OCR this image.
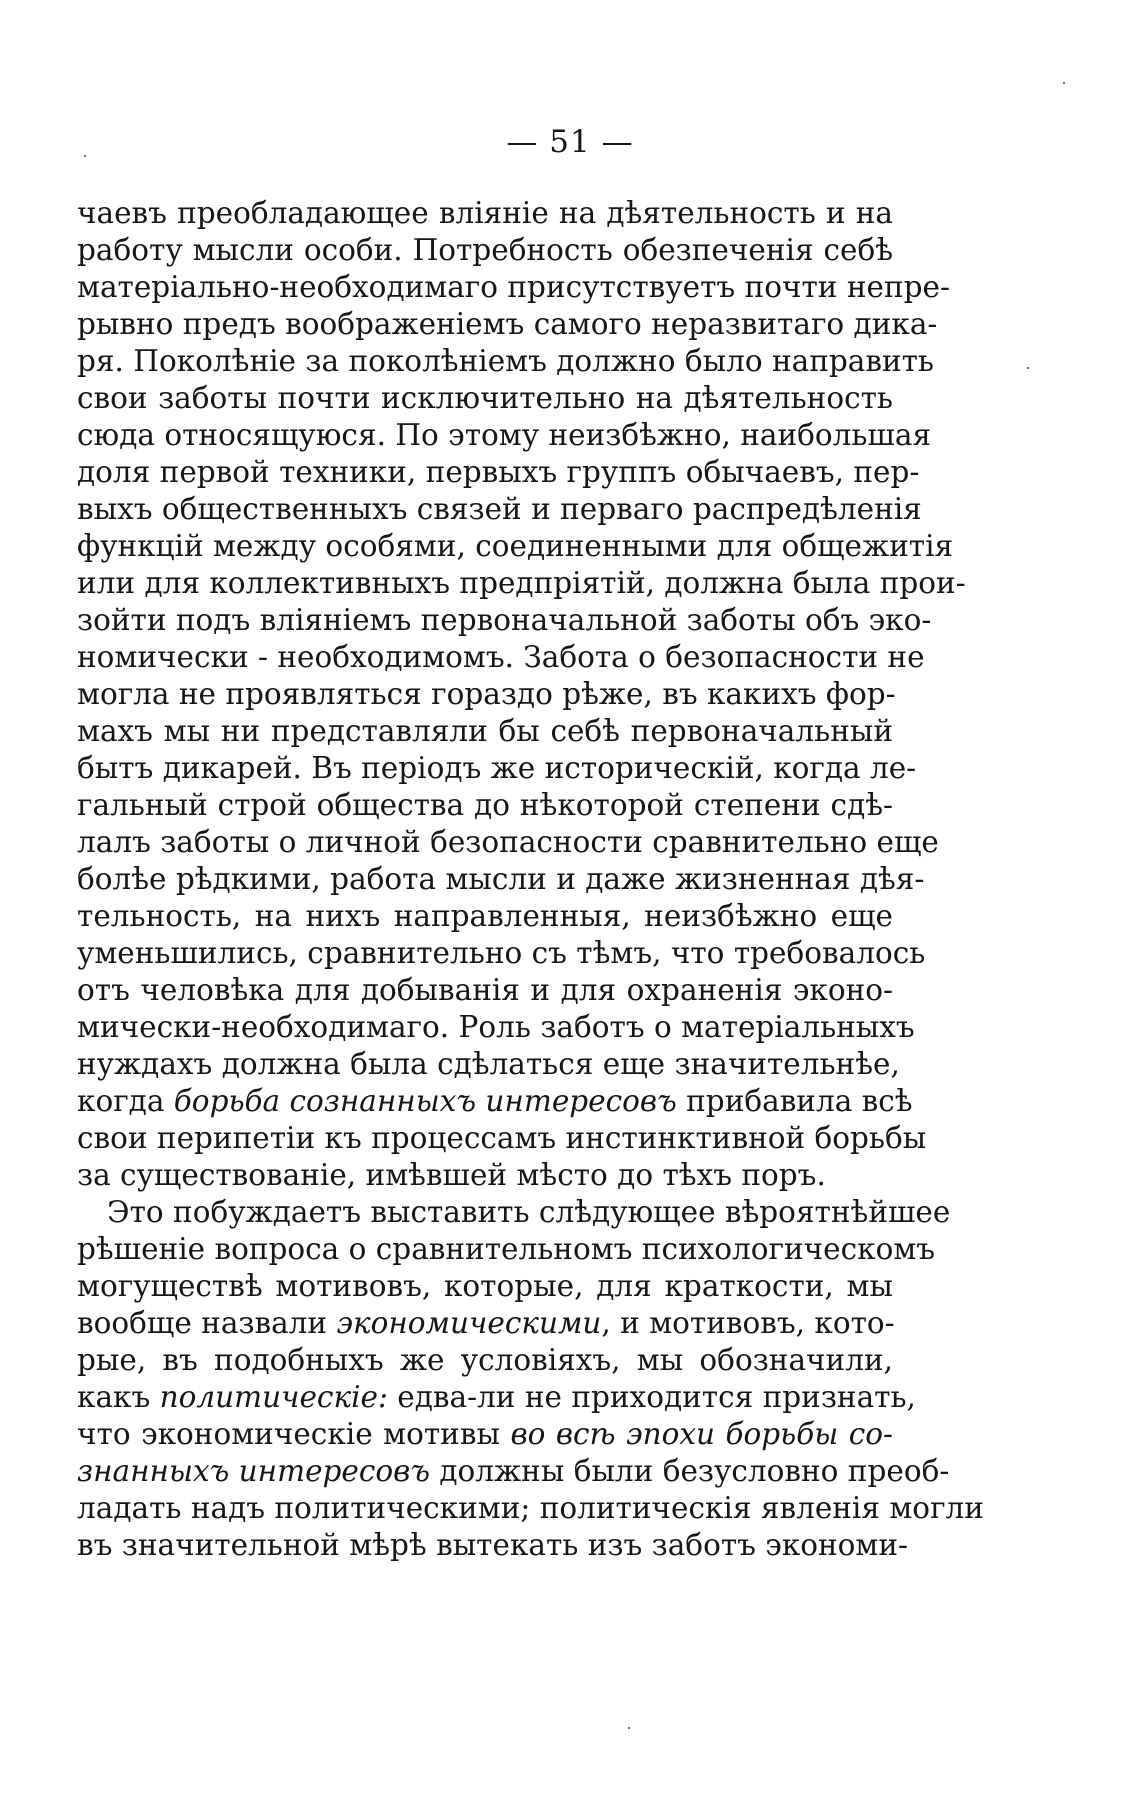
— 51 —
чаевъ преобладающее вліяніе на дѣятельность и на
работу мысли особи. Потребность обезпеченія себѣ
матеріально-необходимаго присутствуетъ почти непре-
рывно предъ воображеніемъ самого неразвитаго дика-
ря. Поколѣніе за поколѣніемъ должно было направить
свои заботы почти исключительно на дѣятельность
сюда относящуюся. По этому неизбѣжно, наибольшая
доля первой техники, первыхъ группъ обычаевъ, пер-
выхъ общественныхъ связей и перваго распредѣленія
функцій между особями, соединенными для общежитія
или для коллективныхъ предпріятій, должна была прои-
зойти подъ вліяніемъ первоначальной заботы объ эко-
номически - необходимомъ. Забота о безопасности не
могла не проявляться гораздо рѣже, въ какихъ фор-
махъ мы ни представляли бы себѣ первоначальный
бытъ дикарей. Въ періодъ же историческій, когда ле-
гальный строй общества до нѣкоторой степени сдѣ-
лалъ заботы о личной безопасности сравнительно еще
болѣе рѣдкими, работа мысли и даже жизненная дѣя-
тельность, на нихъ направленныя, неизбѣжно еще
уменьшились, сравнительно съ тѣмъ, что требовалось
отъ человѣка для добыванія и для охраненія эконо-
мически-необходимаго. Роль заботъ о матеріальныхъ
нуждахъ должна была сдѣлаться еще значительнѣе,
когда борьба сознанныхъ интересовъ прибавила всѣ
свои перипетіи къ процессамъ инстинктивной борьбы
за существованіе, имѣвшей мѣсто до тѣхъ поръ.
Это побуждаетъ выставить слѣдующее вѣроятнѣйшее
рѣшеніе вопроса о сравнительномъ психологическомъ
могуществѣ мотивовъ, которые, для краткости, мы
вообще назвали экономическими, и мотивовъ, кото-
рые, въ подобныхъ же условіяхъ, мы обозначили,
какъ политическіе: едва-ли не приходится признать,
что экономическіе мотивы во всѣ эпохи борьбы со-
знанныхъ интересовъ должны были безусловно преоб-
ладать надъ политическими; политическія явленія могли
въ значительной мѣрѣ вытекать изъ заботъ экономи-
